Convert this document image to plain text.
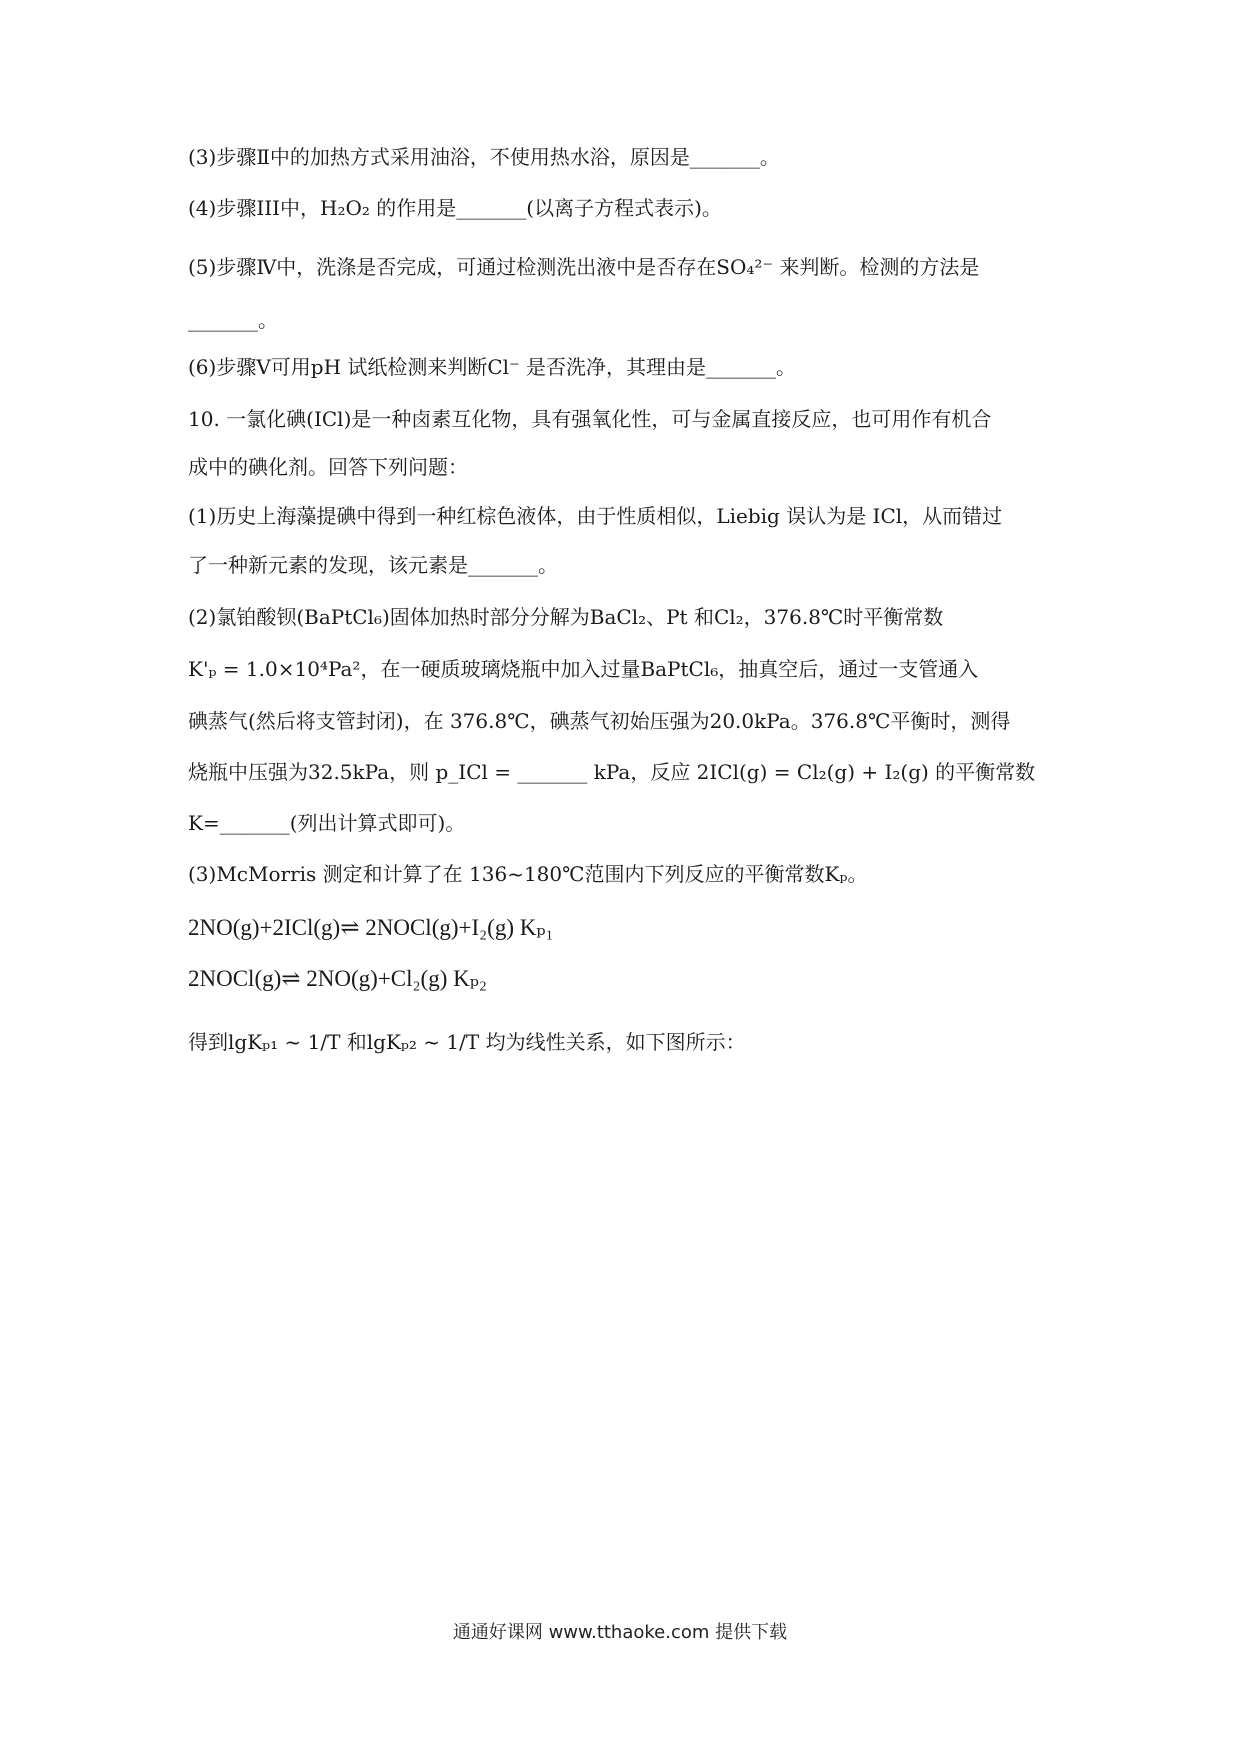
(3)步骤Ⅱ中的加热方式采用油浴，不使用热水浴，原因是_______。
(4)步骤III中，H₂O₂ 的作用是_______(以离子方程式表示)。
(5)步骤Ⅳ中，洗涤是否完成，可通过检测洗出液中是否存在SO₄²⁻ 来判断。检测的方法是
_______。
(6)步骤Ⅴ可用pH 试纸检测来判断Cl⁻ 是否洗净，其理由是_______。
10. 一氯化碘(ICl)是一种卤素互化物，具有强氧化性，可与金属直接反应，也可用作有机合
成中的碘化剂。回答下列问题：
(1)历史上海藻提碘中得到一种红棕色液体，由于性质相似，Liebig 误认为是 ICl，从而错过
了一种新元素的发现，该元素是_______。
(2)氯铂酸钡(BaPtCl₆)固体加热时部分分解为BaCl₂、Pt 和Cl₂，376.8℃时平衡常数
K'ₚ = 1.0×10⁴Pa²，在一硬质玻璃烧瓶中加入过量BaPtCl₆，抽真空后，通过一支管通入
碘蒸气(然后将支管封闭)，在 376.8℃，碘蒸气初始压强为20.0kPa。376.8℃平衡时，测得
烧瓶中压强为32.5kPa，则 p_ICl = _______ kPa，反应 2ICl(g) = Cl₂(g) + I₂(g) 的平衡常数
K=_______(列出计算式即可)。
(3)McMorris 测定和计算了在 136~180℃范围内下列反应的平衡常数Kₚ。
2NO(g)+2ICl(g)⇌ 2NOCl(g)+I₂(g) Kₚ₁
2NOCl(g)⇌ 2NO(g)+Cl₂(g) Kₚ₂
得到lgKₚ₁ ~ 1/T 和lgKₚ₂ ~ 1/T 均为线性关系，如下图所示：
通通好课网 www.tthaoke.com 提供下载
